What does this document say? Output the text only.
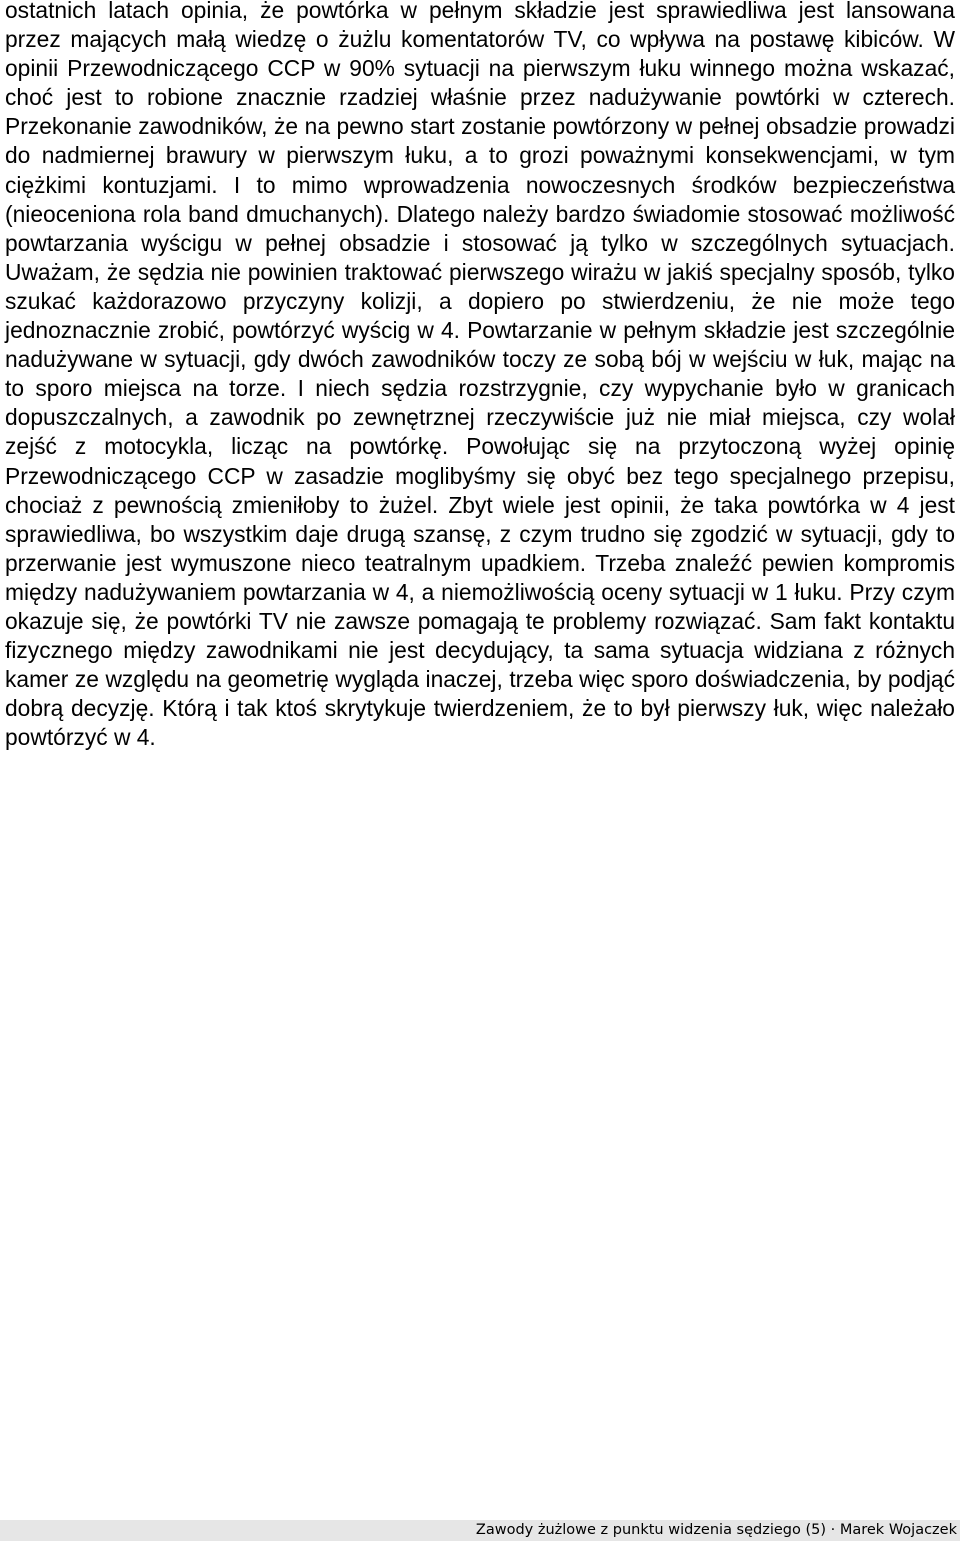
ostatnich latach opinia, że powtórka w pełnym składzie jest sprawiedliwa jest lansowana przez mających małą wiedzę o żużlu komentatorów TV, co wpływa na postawę kibiców. W opinii Przewodniczącego CCP w 90% sytuacji na pierwszym łuku winnego można wskazać, choć jest to robione znacznie rzadziej właśnie przez nadużywanie powtórki w czterech. Przekonanie zawodników, że na pewno start zostanie powtórzony w pełnej obsadzie prowadzi do nadmiernej brawury w pierwszym łuku, a to grozi poważnymi konsekwencjami, w tym ciężkimi kontuzjami. I to mimo wprowadzenia nowoczesnych środków bezpieczeństwa (nieoceniona rola band dmuchanych). Dlatego należy bardzo świadomie stosować możliwość powtarzania wyścigu w pełnej obsadzie i stosować ją tylko w szczególnych sytuacjach. Uważam, że sędzia nie powinien traktować pierwszego wirażu w jakiś specjalny sposób, tylko szukać każdorazowo przyczyny kolizji, a dopiero po stwierdzeniu, że nie może tego jednoznacznie zrobić, powtórzyć wyścig w 4. Powtarzanie w pełnym składzie jest szczególnie nadużywane w sytuacji, gdy dwóch zawodników toczy ze sobą bój w wejściu w łuk, mając na to sporo miejsca na torze. I niech sędzia rozstrzygnie, czy wypychanie było w granicach dopuszczalnych, a zawodnik po zewnętrznej rzeczywiście już nie miał miejsca, czy wolał zejść z motocykla, licząc na powtórkę. Powołując się na przytoczoną wyżej opinię Przewodniczącego CCP w zasadzie moglibyśmy się obyć bez tego specjalnego przepisu, chociaż z pewnością zmieniłoby to żużel. Zbyt wiele jest opinii, że taka powtórka w 4 jest sprawiedliwa, bo wszystkim daje drugą szansę, z czym trudno się zgodzić w sytuacji, gdy to przerwanie jest wymuszone nieco teatralnym upadkiem. Trzeba znaleźć pewien kompromis między nadużywaniem powtarzania w 4, a niemożliwością oceny sytuacji w 1 łuku. Przy czym okazuje się, że powtórki TV nie zawsze pomagają te problemy rozwiązać. Sam fakt kontaktu fizycznego między zawodnikami nie jest decydujący, ta sama sytuacja widziana z różnych kamer ze względu na geometrię wygląda inaczej, trzeba więc sporo doświadczenia, by podjąć dobrą decyzję. Którą i tak ktoś skrytykuje twierdzeniem, że to był pierwszy łuk, więc należało powtórzyć w 4.

Zawody żużlowe z punktu widzenia sędziego (5) · Marek Wojaczek
